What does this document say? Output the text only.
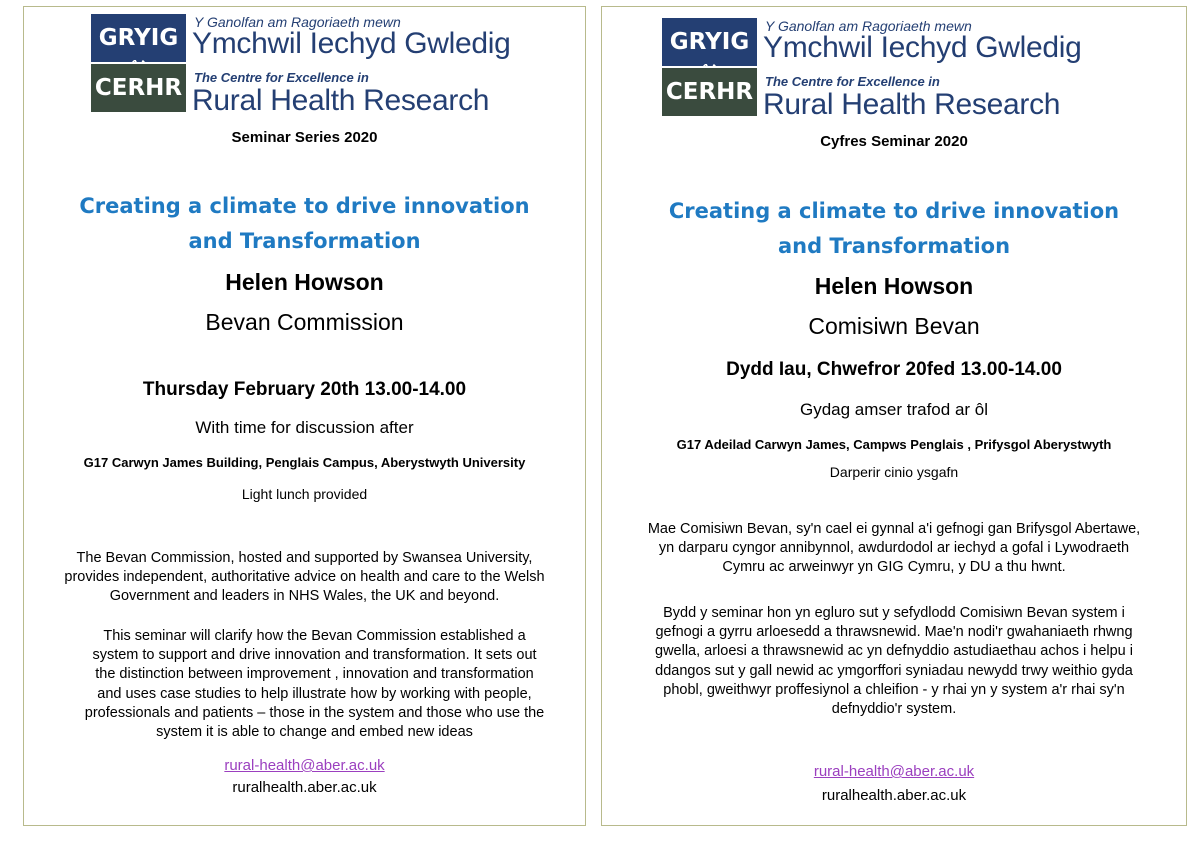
GRYIG
CERHR
Y Ganolfan am Ragoriaeth mewn
Ymchwil Iechyd Gwledig
The Centre for Excellence in
Rural Health Research
Seminar Series 2020
Creating a climate to drive innovation
and Transformation
Helen Howson
Bevan Commission
Thursday February 20th 13.00-14.00
With time for discussion after
G17 Carwyn James Building, Penglais Campus, Aberystwyth University
Light lunch provided
The Bevan Commission, hosted and supported by Swansea University,
provides independent, authoritative advice on health and care to the Welsh
Government and leaders in NHS Wales, the UK and beyond.
This seminar will clarify how the Bevan Commission established a
system to support and drive innovation and transformation. It sets out
the distinction between improvement , innovation and transformation
and uses case studies to help illustrate how by working with people,
professionals and patients – those in the system and those who use the
system it is able to change and embed new ideas
rural-health@aber.ac.uk
ruralhealth.aber.ac.uk
GRYIG
CERHR
Y Ganolfan am Ragoriaeth mewn
Ymchwil Iechyd Gwledig
The Centre for Excellence in
Rural Health Research
Cyfres Seminar 2020
Creating a climate to drive innovation
and Transformation
Helen Howson
Comisiwn Bevan
Dydd Iau, Chwefror 20fed 13.00-14.00
Gydag amser trafod ar ôl
G17 Adeilad Carwyn James, Campws Penglais , Prifysgol Aberystwyth
Darperir cinio ysgafn
Mae Comisiwn Bevan, sy'n cael ei gynnal a'i gefnogi gan Brifysgol Abertawe,
yn darparu cyngor annibynnol, awdurdodol ar iechyd a gofal i Lywodraeth
Cymru ac arweinwyr yn GIG Cymru, y DU a thu hwnt.
Bydd y seminar hon yn egluro sut y sefydlodd Comisiwn Bevan system i
gefnogi a gyrru arloesedd a thrawsnewid. Mae'n nodi'r gwahaniaeth rhwng
gwella, arloesi a thrawsnewid ac yn defnyddio astudiaethau achos i helpu i
ddangos sut y gall newid ac ymgorffori syniadau newydd trwy weithio gyda
phobl, gweithwyr proffesiynol a chleifion - y rhai yn y system a'r rhai sy'n
defnyddio'r system.
rural-health@aber.ac.uk
ruralhealth.aber.ac.uk
